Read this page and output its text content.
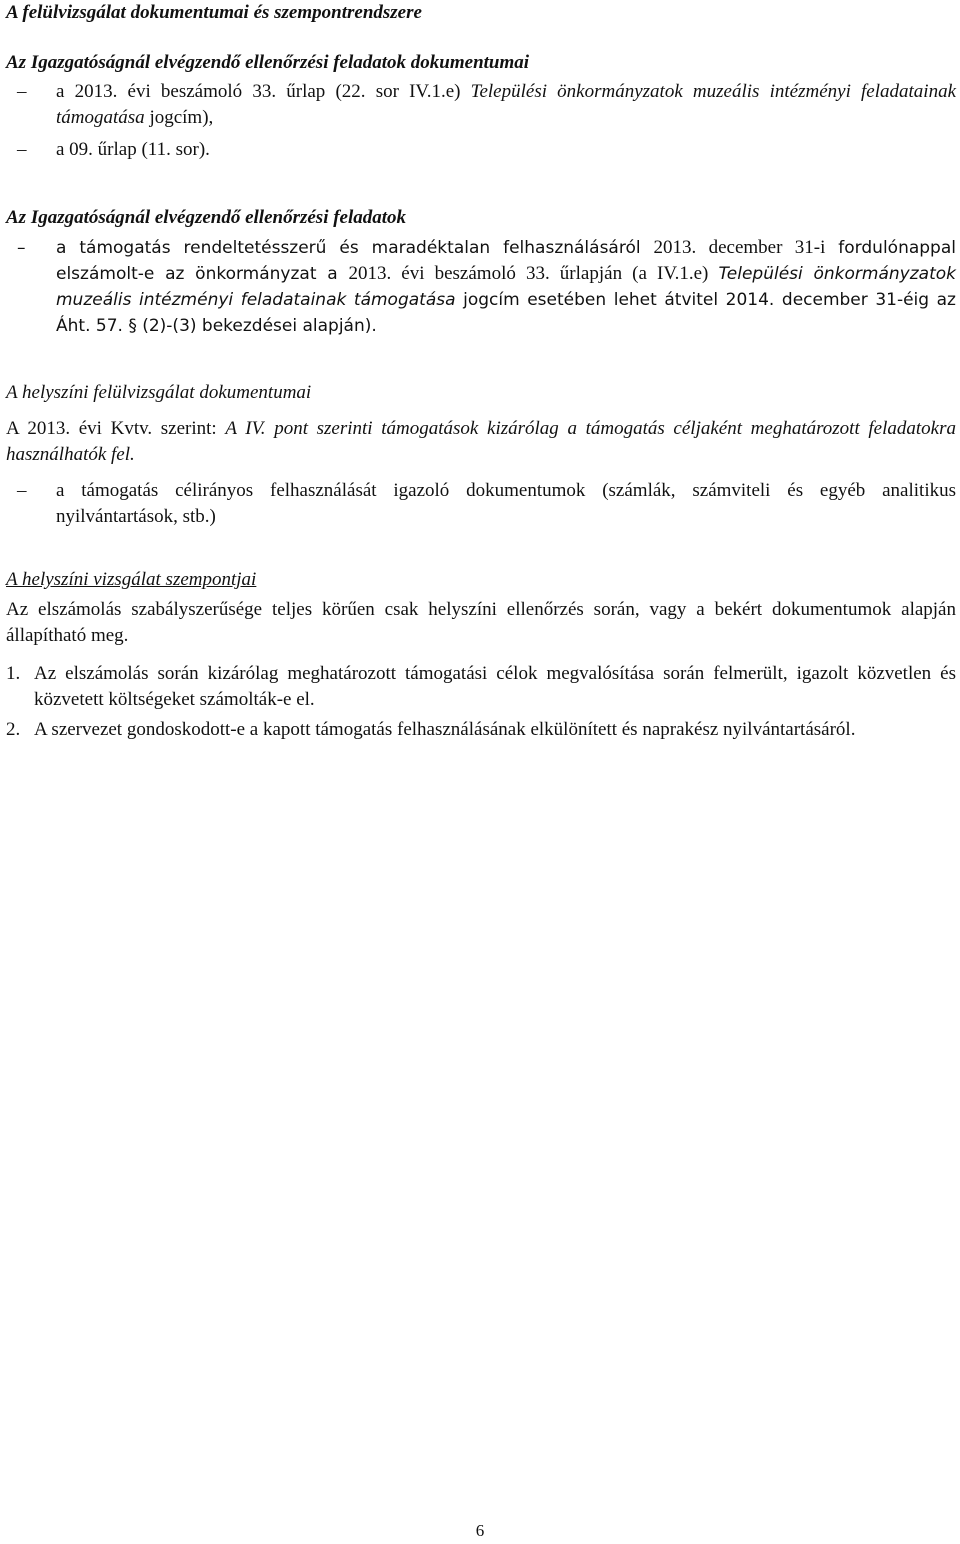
A felülvizsgálat dokumentumai és szempontrendszere
Az Igazgatóságnál elvégzendő ellenőrzési feladatok dokumentumai
– a 2013. évi beszámoló 33. űrlap (22. sor IV.1.e) Települési önkormányzatok muzeális intézményi feladatainak támogatása jogcím),
– a 09. űrlap (11. sor).
Az Igazgatóságnál elvégzendő ellenőrzési feladatok
– a támogatás rendeltetésszerű és maradéktalan felhasználásáról 2013. december 31-i fordulónappal elszámolt-e az önkormányzat a 2013. évi beszámoló 33. űrlapján (a IV.1.e) Települési önkormányzatok muzeális intézményi feladatainak támogatása jogcím esetében lehet átvitel 2014. december 31-éig az Áht. 57. § (2)-(3) bekezdései alapján).
A helyszíni felülvizsgálat dokumentumai
A 2013. évi Kvtv. szerint: A IV. pont szerinti támogatások kizárólag a támogatás céljaként meghatározott feladatokra használhatók fel.
– a támogatás célirányos felhasználását igazoló dokumentumok (számlák, számviteli és egyéb analitikus nyilvántartások, stb.)
A helyszíni vizsgálat szempontjai
Az elszámolás szabályszerűsége teljes körűen csak helyszíni ellenőrzés során, vagy a bekért dokumentumok alapján állapítható meg.
1. Az elszámolás során kizárólag meghatározott támogatási célok megvalósítása során felmerült, igazolt közvetlen és közvetett költségeket számolták-e el.
2. A szervezet gondoskodott-e a kapott támogatás felhasználásának elkülönített és naprakész nyilvántartásáról.
6
